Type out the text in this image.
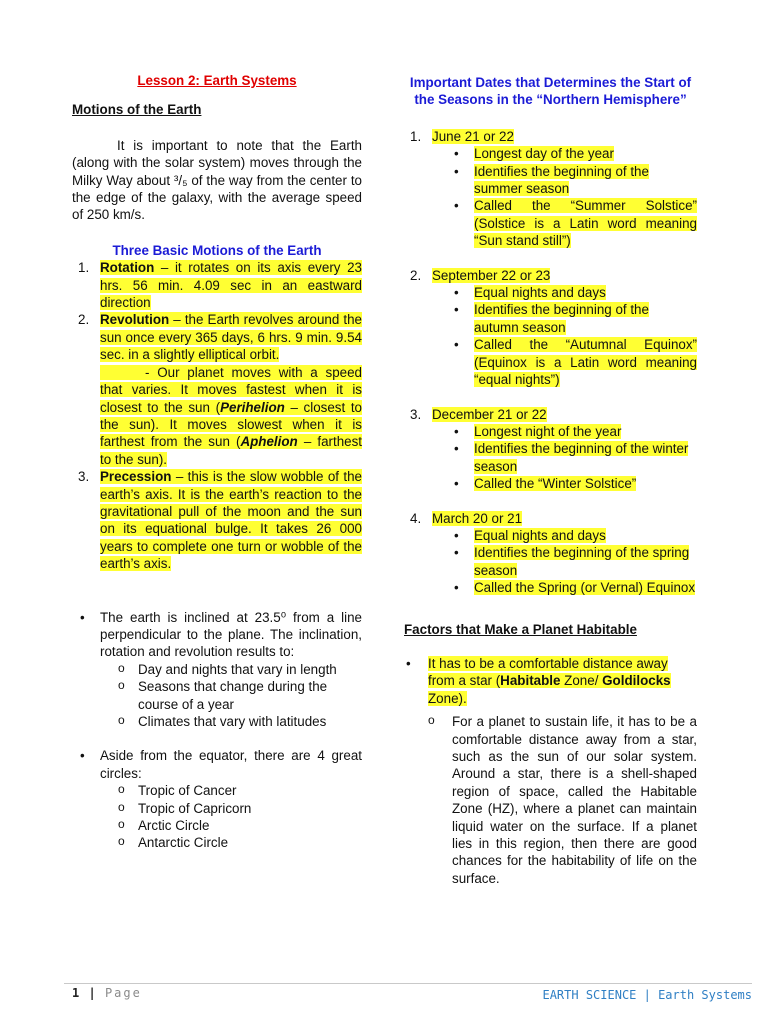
Lesson 2: Earth Systems

Motions of the Earth

It is important to note that the Earth (along with the solar system) moves through the Milky Way about ³/₅ of the way from the center to the edge of the galaxy, with the average speed of 250 km/s.

Three Basic Motions of the Earth

1. Rotation – it rotates on its axis every 23 hrs. 56 min. 4.09 sec in an eastward direction
2. Revolution – the Earth revolves around the sun once every 365 days, 6 hrs. 9 min. 9.54 sec. in a slightly elliptical orbit.
- Our planet moves with a speed that varies. It moves fastest when it is closest to the sun (Perihelion – closest to the sun). It moves slowest when it is farthest from the sun (Aphelion – farthest to the sun).
3. Precession – this is the slow wobble of the earth’s axis. It is the earth’s reaction to the gravitational pull of the moon and the sun on its equational bulge. It takes 26 000 years to complete one turn or wobble of the earth’s axis.
• The earth is inclined at 23.5⁰ from a line perpendicular to the plane. The inclination, rotation and revolution results to:
o Day and nights that vary in length
o Seasons that change during the course of a year
o Climates that vary with latitudes
• Aside from the equator, there are 4 great circles:
o Tropic of Cancer
o Tropic of Capricorn
o Arctic Circle
o Antarctic Circle

Important Dates that Determines the Start of the Seasons in the “Northern Hemisphere”

1. June 21 or 22
• Longest day of the year
• Identifies the beginning of the summer season
• Called the “Summer Solstice” (Solstice is a Latin word meaning “Sun stand still”)
2. September 22 or 23
• Equal nights and days
• Identifies the beginning of the autumn season
• Called the “Autumnal Equinox” (Equinox is a Latin word meaning “equal nights”)
3. December 21 or 22
• Longest night of the year
• Identifies the beginning of the winter season
• Called the “Winter Solstice”
4. March 20 or 21
• Equal nights and days
• Identifies the beginning of the spring season
• Called the Spring (or Vernal) Equinox

Factors that Make a Planet Habitable

• It has to be a comfortable distance away from a star (Habitable Zone/ Goldilocks Zone).
o For a planet to sustain life, it has to be a comfortable distance away from a star, such as the sun of our solar system. Around a star, there is a shell-shaped region of space, called the Habitable Zone (HZ), where a planet can maintain liquid water on the surface. If a planet lies in this region, then there are good chances for the habitability of life on the surface.
1 | Page	EARTH SCIENCE | Earth Systems
